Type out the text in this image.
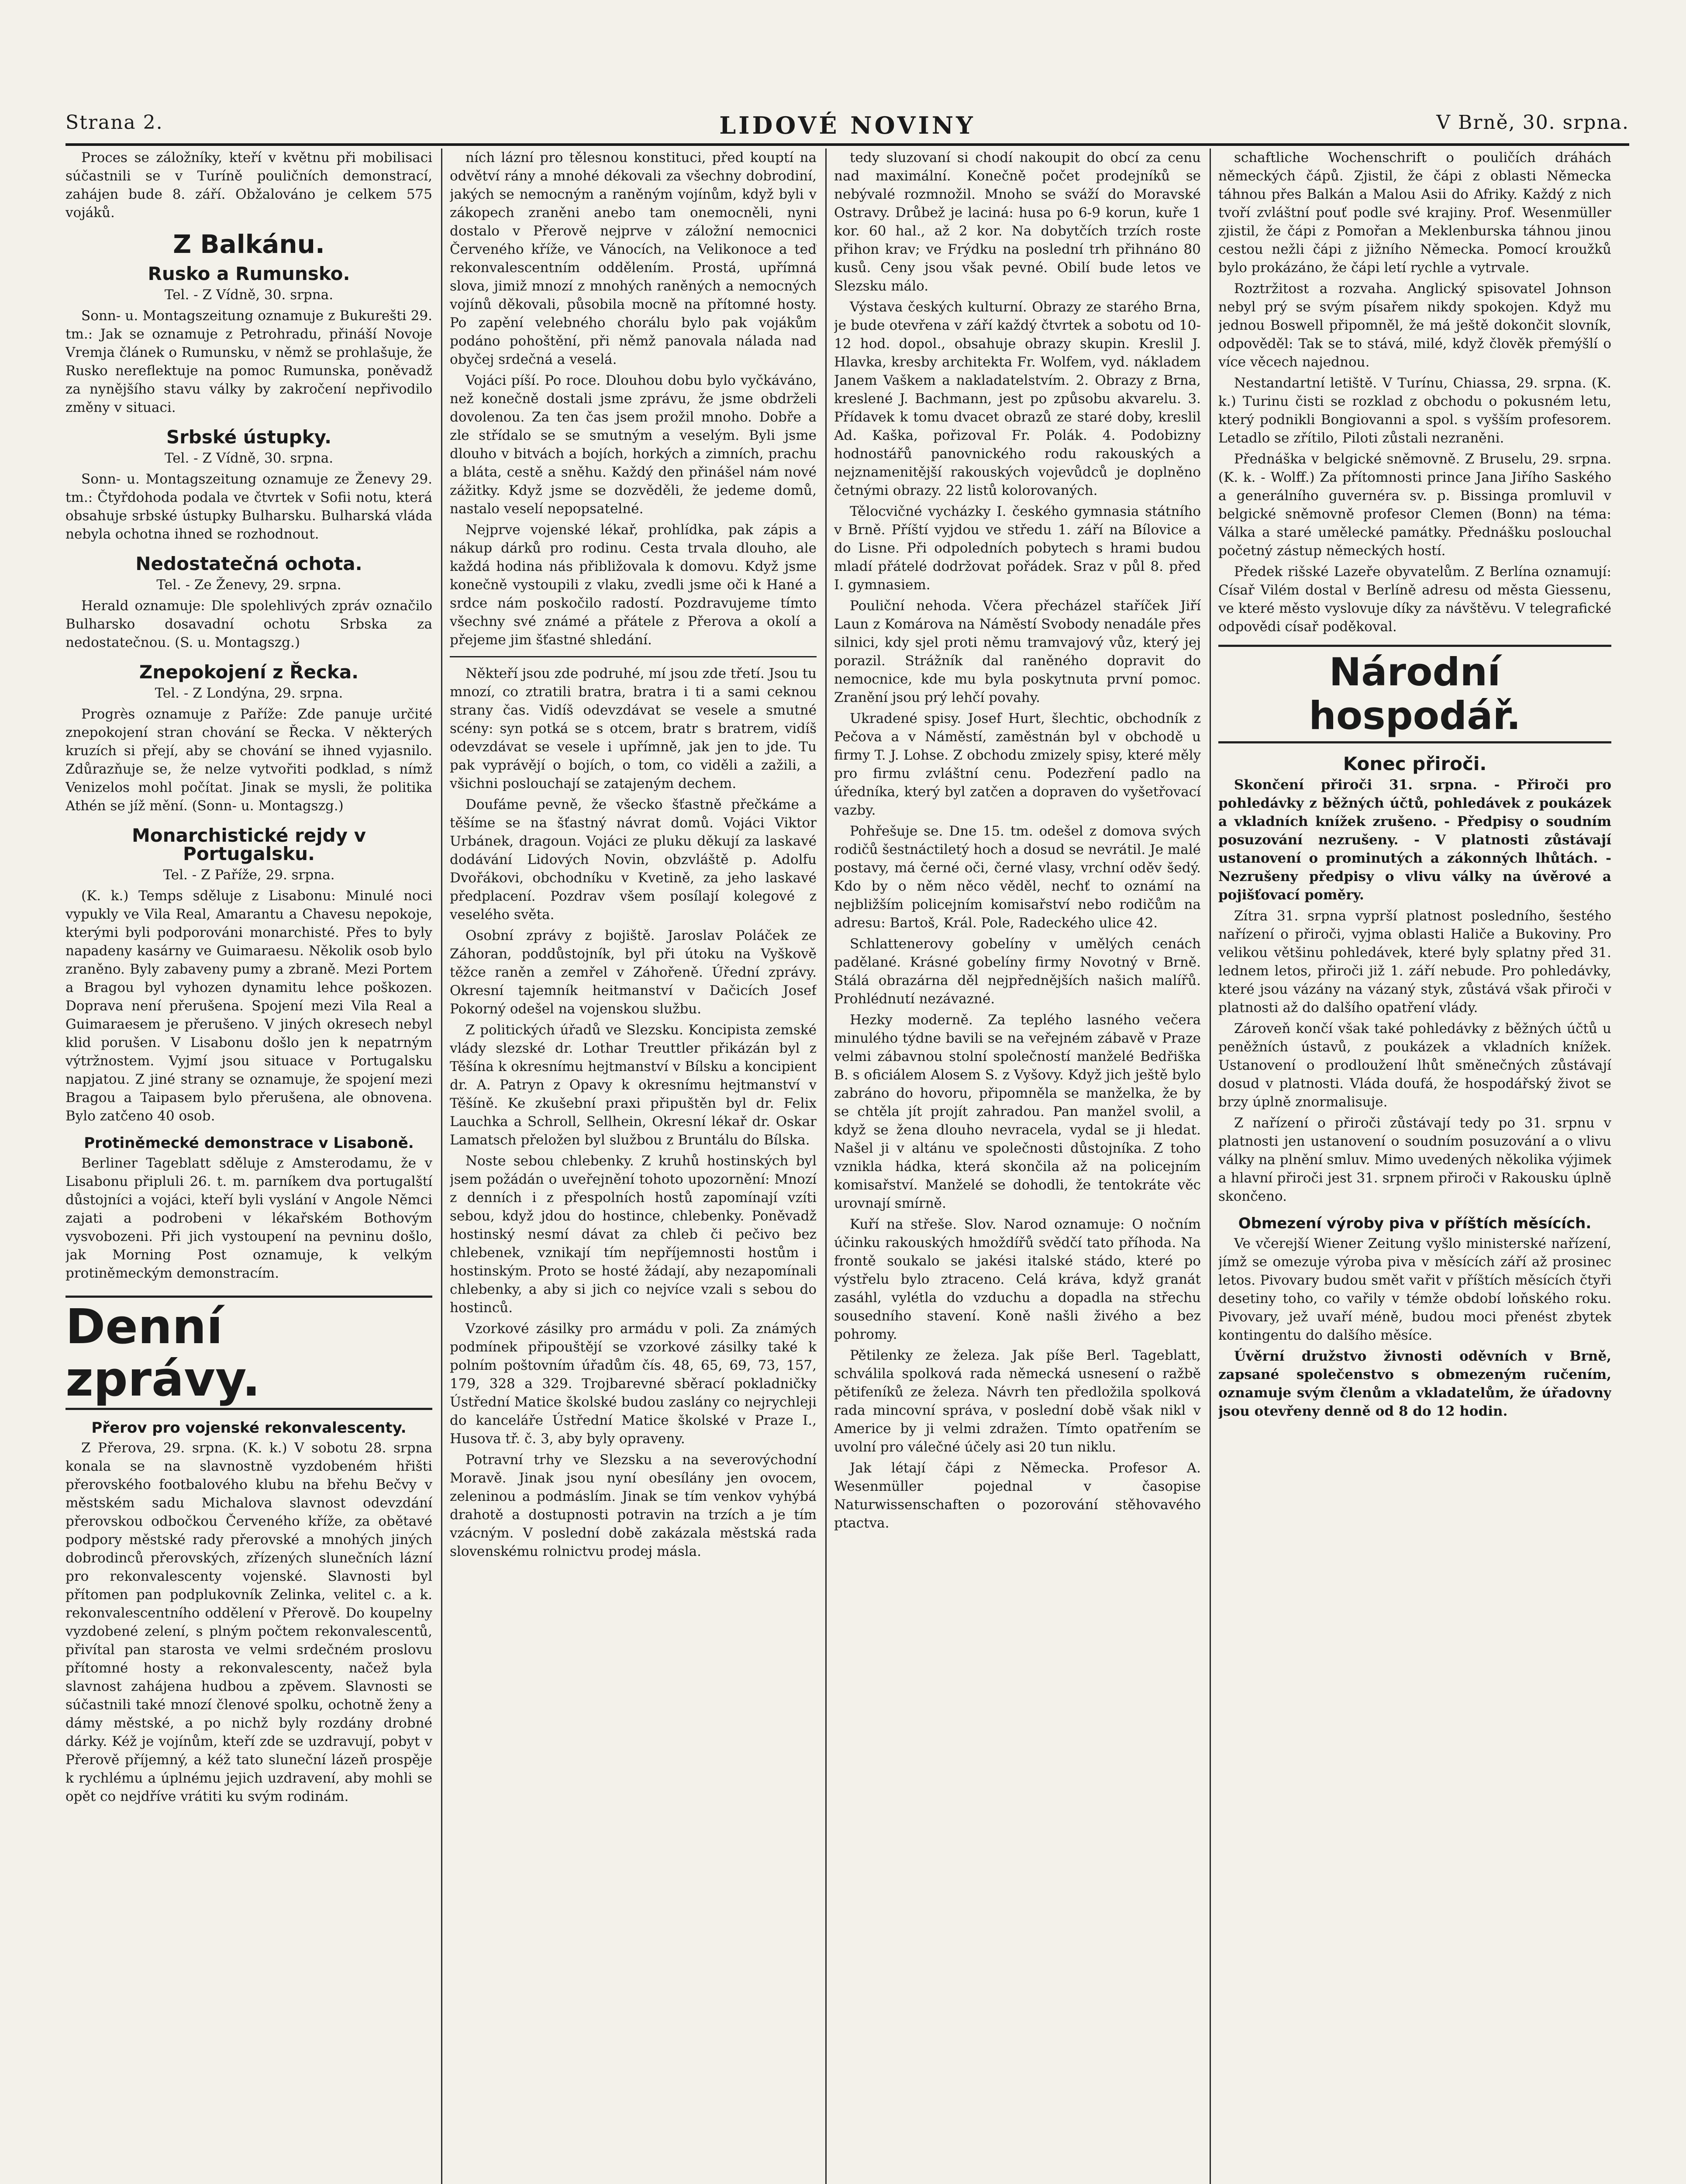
Strana 2.	LIDOVÉ NOVINY	V Brně, 30. srpna.

Proces se záložníky, kteří v květnu při mobilisaci súčastnili se v Turíně pouličních demonstrací, zahájen bude 8. září. Obžalováno je celkem 575 vojáků.

Z Balkánu.
Rusko a Rumunsko.

Tel. - Z Vídně, 30. srpna.

Sonn- u. Montagszeitung oznamuje z Bukurešti 29. tm.: Jak se oznamuje z Petrohradu, přináší Novoje Vremja článek o Rumunsku, v němž se prohlašuje, že Rusko nereflektuje na pomoc Rumunska, poněvadž za nynějšího stavu války by zakročení nepřivodilo změny v situaci.

Srbské ústupky.

Tel. - Z Vídně, 30. srpna.

Sonn- u. Montagszeitung oznamuje ze Ženevy 29. tm.: Čtyřdohoda podala ve čtvrtek v Sofii notu, která obsahuje srbské ústupky Bulharsku. Bulharská vláda nebyla ochotna ihned se rozhodnout.

Nedostatečná ochota.

Tel. - Ze Ženevy, 29. srpna.

Herald oznamuje: Dle spolehlivých zpráv označilo Bulharsko dosavadní ochotu Srbska za nedostatečnou. (S. u. Montagszg.)

Znepokojení z Řecka.

Tel. - Z Londýna, 29. srpna.

Progrès oznamuje z Paříže: Zde panuje určité znepokojení stran chování se Řecka. V některých kruzích si přejí, aby se chování se ihned vyjasnilo. Zdůrazňuje se, že nelze vytvořiti podklad, s nímž Venizelos mohl počítat. Jinak se mysli, že politika Athén se jíž mění. (Sonn- u. Montagszg.)

Monarchistické rejdy v Portugalsku.

Tel. - Z Paříže, 29. srpna.

(K. k.) Temps sděluje z Lisabonu: Minulé noci vypukly ve Vila Real, Amarantu a Chavesu nepokoje, kterými byli podporováni monarchisté. Přes to byly napadeny kasárny ve Guimaraesu. Několik osob bylo zraněno. Byly zabaveny pumy a zbraně. Mezi Portem a Bragou byl vyhozen dynamitu lehce poškozen. Doprava není přerušena. Spojení mezi Vila Real a Guimaraesem je přerušeno. V jiných okresech nebyl klid porušen. V Lisabonu došlo jen k nepatrným výtržnostem. Vyjmí jsou situace v Portugalsku napjatou. Z jiné strany se oznamuje, že spojení mezi Bragou a Taipasem bylo přerušena, ale obnovena. Bylo zatčeno 40 osob.

Protiněmecké demonstrace v Lisaboně.

Berliner Tageblatt sděluje z Amsterodamu, že v Lisabonu připluli 26. t. m. parníkem dva portugalští důstojníci a vojáci, kteří byli vyslání v Angole Němci zajati a podrobeni v lékařském Bothovým vysvobozeni. Při jich vystoupení na pevninu došlo, jak Morning Post oznamuje, k velkým protiněmeckým demonstracím.

Denní zprávy.
Přerov pro vojenské rekonvalescenty.

Z Přerova, 29. srpna. (K. k.) V sobotu 28. srpna konala se na slavnostně vyzdobeném hřišti přerovského footbalového klubu na břehu Bečvy v městském sadu Michalova slavnost odevzdání přerovskou odbočkou Červeného kříže, za obětavé podpory městské rady přerovské a mnohých jiných dobrodinců přerovských, zřízených slunečních lázní pro rekonvalescenty vojenské. Slavnosti byl přítomen pan podplukovník Zelinka, velitel c. a k. rekonvalescentního oddělení v Přerově. Do koupelny vyzdobené zelení, s plným počtem rekonvalescentů, přivítal pan starosta ve velmi srdečném proslovu přítomné hosty a rekonvalescenty, načež byla slavnost zahájena hudbou a zpěvem. Slavnosti se súčastnili také mnozí členové spolku, ochotně ženy a dámy městské, a po nichž byly rozdány drobné dárky. Kéž je vojínům, kteří zde se uzdravují, pobyt v Přerově příjemný, a kéž tato sluneční lázeň prospěje k rychlému a úplnému jejich uzdravení, aby mohli se opět co nejdříve vrátiti ku svým rodinám.

ních lázní pro tělesnou konstituci, před kouptí na odvětví rány a mnohé dékovali za všechny dobrodiní, jakých se nemocným a raněným vojínům, když byli v zákopech zraněni anebo tam onemocněli, nyni dostalo v Přerově nejprve v záložní nemocnici Červeného kříže, ve Vánocích, na Velikonoce a teď rekonvalescentním oddělením. Prostá, upřímná slova, jimiž mnozí z mnohých raněných a nemocných vojínů děkovali, působila mocně na přítomné hosty. Po zapění velebného chorálu bylo pak vojákům podáno pohoštění, při němž panovala nálada nad obyčej srdečná a veselá.

Vojáci píší. Po roce. Dlouhou dobu bylo vyčkáváno, než konečně dostali jsme zprávu, že jsme obdrželi dovolenou. Za ten čas jsem prožil mnoho. Dobře a zle střídalo se se smutným a veselým. Byli jsme dlouho v bitvách a bojích, horkých a zimních, prachu a bláta, cestě a sněhu. Každý den přinášel nám nové zážitky. Když jsme se dozvěděli, že jedeme domů, nastalo veselí nepopsatelné.

Nejprve vojenské lékař, prohlídka, pak zápis a nákup dárků pro rodinu. Cesta trvala dlouho, ale každá hodina nás přibližovala k domovu. Když jsme konečně vystoupili z vlaku, zvedli jsme oči k Hané a srdce nám poskočilo radostí. Pozdravujeme tímto všechny své známé a přátele z Přerova a okolí a přejeme jim šťastné shledání.

Někteří jsou zde podruhé, mí jsou zde třetí. Jsou tu mnozí, co ztratili bratra, bratra i ti a sami ceknou strany čas. Vidíš odevzdávat se vesele a smutné scény: syn potká se s otcem, bratr s bratrem, vidíš odevzdávat se vesele i upřímně, jak jen to jde. Tu pak vyprávějí o bojích, o tom, co viděli a zažili, a všichni poslouchají se zatajeným dechem.

Doufáme pevně, že všecko šťastně přečkáme a těšíme se na šťastný návrat domů. Vojáci Viktor Urbánek, dragoun. Vojáci ze pluku děkují za laskavé dodávání Lidových Novin, obzvláště p. Adolfu Dvořákovi, obchodníku v Kvetině, za jeho laskavé předplacení. Pozdrav všem posílají kolegové z veselého světa.

Osobní zprávy z bojiště. Jaroslav Poláček ze Záhoran, poddůstojník, byl při útoku na Vyškově těžce raněn a zemřel v Záhořeně. Úřední zprávy. Okresní tajemník heitmanství v Dačicích Josef Pokorný odešel na vojenskou službu.

Z politických úřadů ve Slezsku. Koncipista zemské vlády slezské dr. Lothar Treuttler přikázán byl z Těšína k okresnímu hejtmanství v Bílsku a koncipient dr. A. Patryn z Opavy k okresnímu hejtmanství v Těšíně. Ke zkušební praxi připuštěn byl dr. Felix Lauchka a Schroll, Sellhein, Okresní lékař dr. Oskar Lamatsch přeložen byl službou z Bruntálu do Bílska.

Noste sebou chlebenky. Z kruhů hostinských byl jsem požádán o uveřejnění tohoto upozornění: Mnozí z denních i z přespolních hostů zapomínají vzíti sebou, když jdou do hostince, chlebenky. Poněvadž hostinský nesmí dávat za chleb či pečivo bez chlebenek, vznikají tím nepříjemnosti hostům i hostinským. Proto se hosté žádají, aby nezapomínali chlebenky, a aby si jich co nejvíce vzali s sebou do hostinců.

Vzorkové zásilky pro armádu v poli. Za známých podmínek připouštějí se vzorkové zásilky také k polním poštovním úřadům čís. 48, 65, 69, 73, 157, 179, 328 a 329. Trojbarevné sběrací pokladničky Ústřední Matice školské budou zaslány co nejrychleji do kanceláře Ústřední Matice školské v Praze I., Husova tř. č. 3, aby byly opraveny.

Potravní trhy ve Slezsku a na severovýchodní Moravě. Jinak jsou nyní obesílány jen ovocem, zeleninou a podmáslím. Jinak se tím venkov vyhýbá drahotě a dostupnosti potravin na trzích a je tím vzácným. V poslední době zakázala městská rada slovenskému rolnictvu prodej másla.

tedy sluzovaní si chodí nakoupit do obcí za cenu nad maximální. Konečně počet prodejníků se nebývalé rozmnožil. Mnoho se sváží do Moravské Ostravy. Drůbež je laciná: husa po 6-9 korun, kuře 1 kor. 60 hal., až 2 kor. Na dobytčích trzích roste přihon krav; ve Frýdku na poslední trh přihnáno 80 kusů. Ceny jsou však pevné. Obilí bude letos ve Slezsku málo.

Výstava českých kulturní. Obrazy ze starého Brna, je bude otevřena v září každý čtvrtek a sobotu od 10-12 hod. dopol., obsahuje obrazy skupin. Kreslil J. Hlavka, kresby architekta Fr. Wolfem, vyd. nákladem Janem Vaškem a nakladatelstvím. 2. Obrazy z Brna, kreslené J. Bachmann, jest po způsobu akvarelu. 3. Přídavek k tomu dvacet obrazů ze staré doby, kreslil Ad. Kaška, pořizoval Fr. Polák. 4. Podobizny hodnostářů panovnického rodu rakouských a nejznamenitější rakouských vojevůdců je doplněno četnými obrazy. 22 listů kolorovaných.

Tělocvičné vycházky I. českého gymnasia státního v Brně. Příští vyjdou ve středu 1. září na Bílovice a do Lisne. Při odpoledních pobytech s hrami budou mladí přátelé dodržovat pořádek. Sraz v půl 8. před I. gymnasiem.

Pouliční nehoda. Včera přecházel staříček Jiří Laun z Komárova na Náměstí Svobody nenadále přes silnici, kdy sjel proti němu tramvajový vůz, který jej porazil. Strážník dal raněného dopravit do nemocnice, kde mu byla poskytnuta první pomoc. Zranění jsou prý lehčí povahy.

Ukradené spisy. Josef Hurt, šlechtic, obchodník z Pečova a v Náměstí, zaměstnán byl v obchodě u firmy T. J. Lohse. Z obchodu zmizely spisy, které měly pro firmu zvláštní cenu. Podezření padlo na úředníka, který byl zatčen a dopraven do vyšetřovací vazby.

Pohřešuje se. Dne 15. tm. odešel z domova svých rodičů šestnáctiletý hoch a dosud se nevrátil. Je malé postavy, má černé oči, černé vlasy, vrchní oděv šedý. Kdo by o něm něco věděl, nechť to oznámí na nejbližším policejním komisařství nebo rodičům na adresu: Bartoš, Král. Pole, Radeckého ulice 42.

Schlattenerovy gobelíny v umělých cenách padělané. Krásné gobelíny firmy Novotný v Brně. Stálá obrazárna děl nejpřednějších našich malířů. Prohlédnutí nezávazné.

Hezky moderně. Za teplého lasného večera minulého týdne bavili se na veřejném zábavě v Praze velmi zábavnou stolní společností manželé Bedřiška B. s oficiálem Alosem S. z Vyšovy. Když jich ještě bylo zabráno do hovoru, připomněla se manželka, že by se chtěla jít projít zahradou. Pan manžel svolil, a když se žena dlouho nevracela, vydal se ji hledat. Našel ji v altánu ve společnosti důstojníka. Z toho vznikla hádka, která skončila až na policejním komisařství. Manželé se dohodli, že tentokráte věc urovnají smírně.

Kuří na střeše. Slov. Narod oznamuje: O nočním účinku rakouských hmoždířů svědčí tato příhoda. Na frontě soukalo se jakési italské stádo, které po výstřelu bylo ztraceno. Celá kráva, když granát zasáhl, vylétla do vzduchu a dopadla na střechu sousedního stavení. Koně našli živého a bez pohromy.

Pětilenky ze železa. Jak píše Berl. Tageblatt, schválila spolková rada německá usnesení o ražbě pětifeníků ze železa. Návrh ten předložila spolková rada mincovní správa, v poslední době však nikl v Americe by ji velmi zdražen. Tímto opatřením se uvolní pro válečné účely asi 20 tun niklu.

Jak létají čápi z Německa. Profesor A. Wesenmüller pojednal v časopise Naturwissenschaften o pozorování stěhovavého ptactva.

schaftliche Wochenschrift o pouličích dráhách německých čápů. Zjistil, že čápi z oblasti Německa táhnou přes Balkán a Malou Asii do Afriky. Každý z nich tvoří zvláštní pouť podle své krajiny. Prof. Wesenmüller zjistil, že čápi z Pomořan a Meklenburska táhnou jinou cestou nežli čápi z jižního Německa. Pomocí kroužků bylo prokázáno, že čápi letí rychle a vytrvale.

Roztržitost a rozvaha. Anglický spisovatel Johnson nebyl prý se svým písařem nikdy spokojen. Když mu jednou Boswell připomněl, že má ještě dokončit slovník, odpověděl: Tak se to stává, milé, když člověk přemýšlí o více věcech najednou.

Nestandartní letiště. V Turínu, Chiassa, 29. srpna. (K. k.) Turinu čisti se rozklad z obchodu o pokusném letu, který podnikli Bongiovanni a spol. s vyšším profesorem. Letadlo se zřítilo, Piloti zůstali nezraněni.

Přednáška v belgické sněmovně. Z Bruselu, 29. srpna. (K. k. - Wolff.) Za přítomnosti prince Jana Jiřího Saského a generálního guvernéra sv. p. Bissinga promluvil v belgické sněmovně profesor Clemen (Bonn) na téma: Válka a staré umělecké památky. Přednášku poslouchal početný zástup německých hostí.

Předek rišské Lazeře obyvatelům. Z Berlína oznamují: Císař Vilém dostal v Berlíně adresu od města Giessenu, ve které město vyslovuje díky za návštěvu. V telegrafické odpovědi císař poděkoval.

Národní hospodář.
Konec přiroči.

Skončení přiroči 31. srpna. - Přiroči pro pohledávky z běžných účtů, pohledávek z poukázek a vkladních knížek zrušeno. - Předpisy o soudním posuzování nezrušeny. - V platnosti zůstávají ustanovení o prominutých a zákonných lhůtách. - Nezrušeny předpisy o vlivu války na úvěrové a pojišťovací poměry.

Zítra 31. srpna vyprší platnost posledního, šestého nařízení o přiroči, vyjma oblasti Haliče a Bukoviny. Pro velikou většinu pohledávek, které byly splatny před 31. lednem letos, přiroči již 1. září nebude. Pro pohledávky, které jsou vázány na vázaný styk, zůstává však přiroči v platnosti až do dalšího opatření vlády.

Zároveň končí však také pohledávky z běžných účtů u peněžních ústavů, z poukázek a vkladních knížek. Ustanovení o prodloužení lhůt směnečných zůstávají dosud v platnosti. Vláda doufá, že hospodářský život se brzy úplně znormalisuje.

Z nařízení o přiroči zůstávají tedy po 31. srpnu v platnosti jen ustanovení o soudním posuzování a o vlivu války na plnění smluv. Mimo uvedených několika výjimek a hlavní přiroči jest 31. srpnem přiroči v Rakousku úplně skončeno.

Obmezení výroby piva v příštích měsících.

Ve včerejší Wiener Zeitung vyšlo ministerské nařízení, jímž se omezuje výroba piva v měsících září až prosinec letos. Pivovary budou smět vařit v příštích měsících čtyři desetiny toho, co vařily v témže období loňského roku. Pivovary, jež uvaří méně, budou moci přenést zbytek kontingentu do dalšího měsíce.

Úvěrní družstvo živnosti oděvních v Brně, zapsané společenstvo s obmezeným ručením, oznamuje svým členům a vkladatelům, že úřadovny jsou otevřeny denně od 8 do 12 hodin.
